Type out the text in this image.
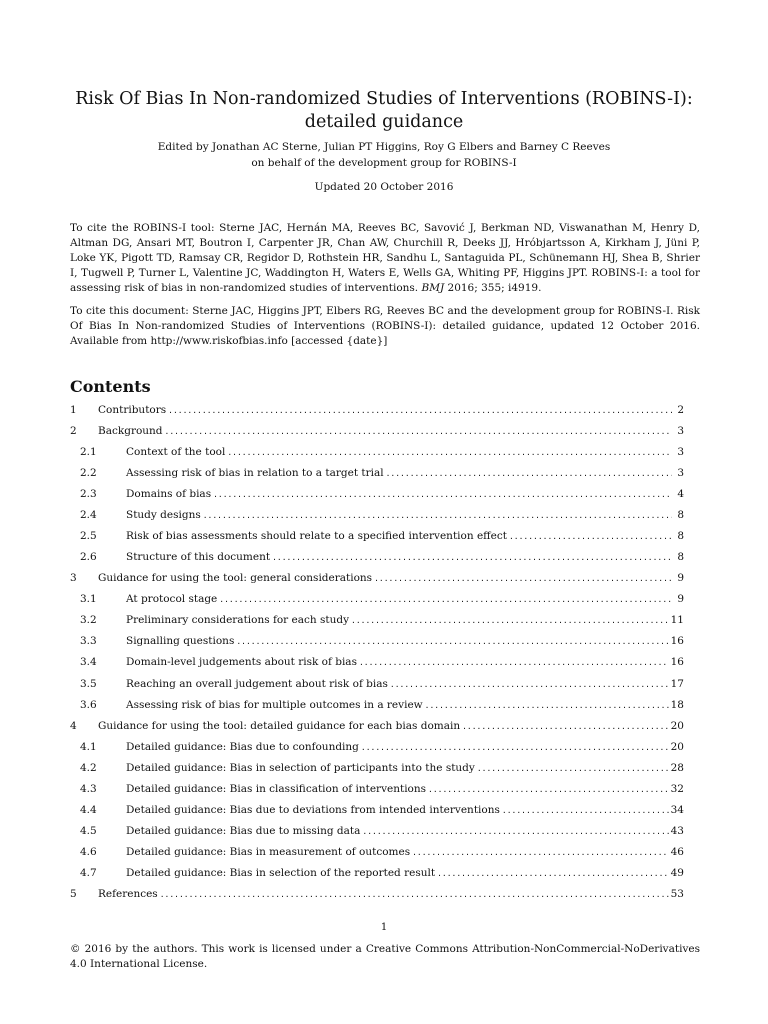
Risk Of Bias In Non-randomized Studies of Interventions (ROBINS-I):
detailed guidance
Edited by Jonathan AC Sterne, Julian PT Higgins, Roy G Elbers and Barney C Reeves
on behalf of the development group for ROBINS-I
Updated 20 October 2016
To cite the ROBINS-I tool: Sterne JAC, Hernán MA, Reeves BC, Savović J, Berkman ND, Viswanathan M, Henry D, Altman DG, Ansari MT, Boutron I, Carpenter JR, Chan AW, Churchill R, Deeks JJ, Hróbjartsson A, Kirkham J, Jüni P, Loke YK, Pigott TD, Ramsay CR, Regidor D, Rothstein HR, Sandhu L, Santaguida PL, Schünemann HJ, Shea B, Shrier I, Tugwell P, Turner L, Valentine JC, Waddington H, Waters E, Wells GA, Whiting PF, Higgins JPT. ROBINS-I: a tool for assessing risk of bias in non-randomized studies of interventions. BMJ 2016; 355; i4919.
To cite this document: Sterne JAC, Higgins JPT, Elbers RG, Reeves BC and the development group for ROBINS-I. Risk Of Bias In Non-randomized Studies of Interventions (ROBINS-I): detailed guidance, updated 12 October 2016. Available from http://www.riskofbias.info [accessed {date}]
Contents
1	Contributors .....	2
2	Background .....	3
2.1	Context of the tool .....	3
2.2	Assessing risk of bias in relation to a target trial .....	3
2.3	Domains of bias .....	4
2.4	Study designs .....	8
2.5	Risk of bias assessments should relate to a specified intervention effect .....	8
2.6	Structure of this document .....	8
3	Guidance for using the tool: general considerations .....	9
3.1	At protocol stage .....	9
3.2	Preliminary considerations for each study .....	11
3.3	Signalling questions .....	16
3.4	Domain-level judgements about risk of bias .....	16
3.5	Reaching an overall judgement about risk of bias .....	17
3.6	Assessing risk of bias for multiple outcomes in a review .....	18
4	Guidance for using the tool: detailed guidance for each bias domain .....	20
4.1	Detailed guidance: Bias due to confounding .....	20
4.2	Detailed guidance: Bias in selection of participants into the study .....	28
4.3	Detailed guidance: Bias in classification of interventions .....	32
4.4	Detailed guidance: Bias due to deviations from intended interventions .....	34
4.5	Detailed guidance: Bias due to missing data .....	43
4.6	Detailed guidance: Bias in measurement of outcomes .....	46
4.7	Detailed guidance: Bias in selection of the reported result .....	49
5	References .....	53
1
© 2016 by the authors. This work is licensed under a Creative Commons Attribution-NonCommercial-NoDerivatives 4.0 International License.
